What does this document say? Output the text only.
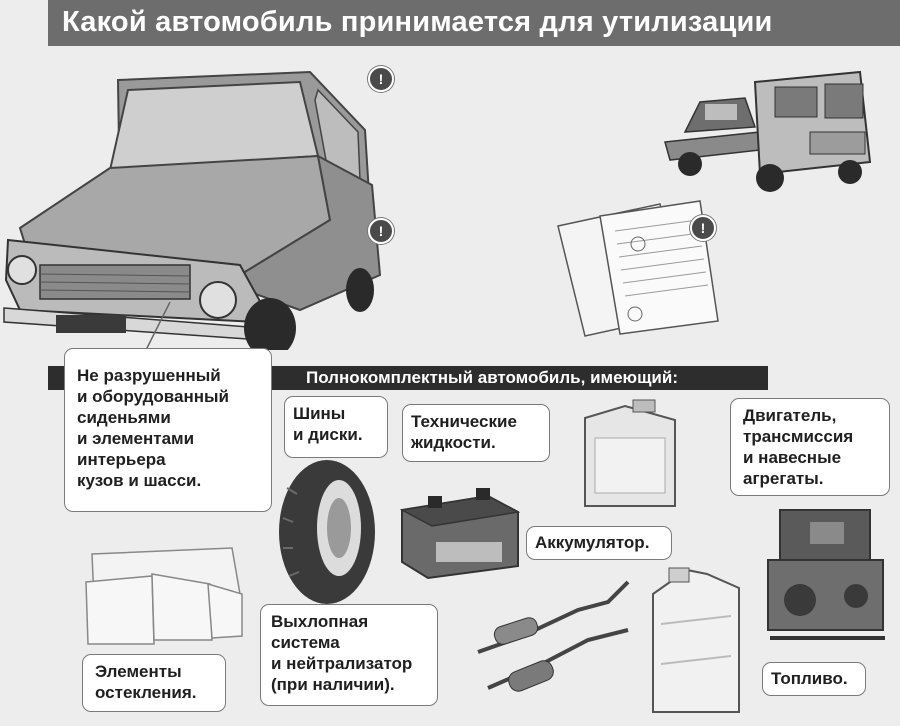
Какой автомобиль принимается для утилизации
!
!	!
Полнокомплектный автомобиль, имеющий:
Не разрушенный
и оборудованный
сиденьями
и элементами
интерьера
кузов и шасси.
Шины
и диски.
Технические
жидкости.
Двигатель,
трансмиссия
и навесные
агрегаты.
Аккумулятор.
Элементы
остекления.
Выхлопная
система
и нейтрализатор
(при наличии).	Топливо.
